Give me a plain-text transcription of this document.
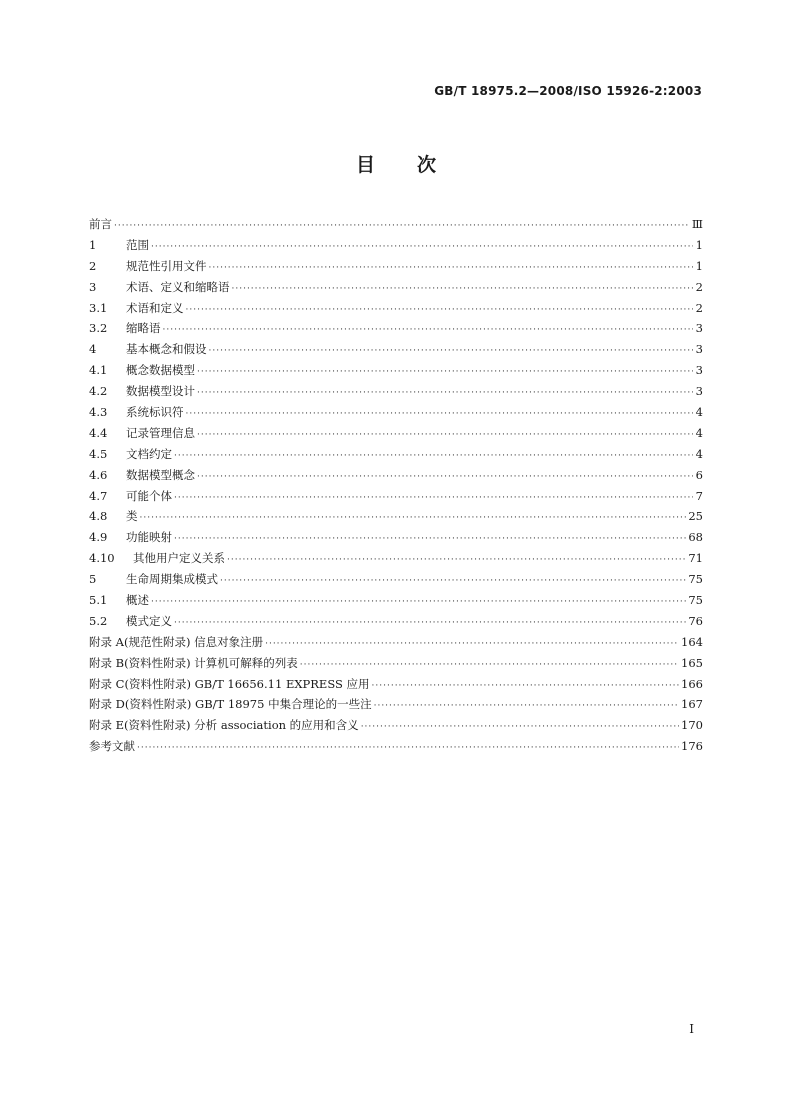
GB/T 18975.2—2008/ISO 15926-2:2003
目次
前言 ·····	Ⅲ
1	范围 ·····	1
2	规范性引用文件 ·····	1
3	术语、定义和缩略语 ·····	2
3.1	术语和定义 ·····	2
3.2	缩略语 ·····	3
4	基本概念和假设 ·····	3
4.1	概念数据模型 ·····	3
4.2	数据模型设计 ·····	3
4.3	系统标识符 ·····	4
4.4	记录管理信息 ·····	4
4.5	文档约定 ·····	4
4.6	数据模型概念 ·····	6
4.7	可能个体 ·····	7
4.8	类 ·····	25
4.9	功能映射 ·····	68
4.10	其他用户定义关系 ·····	71
5	生命周期集成模式 ·····	75
5.1	概述 ·····	75
5.2	模式定义 ·····	76
附录 A(规范性附录) 信息对象注册 ·····	164
附录 B(资料性附录) 计算机可解释的列表 ·····	165
附录 C(资料性附录) GB/T 16656.11 EXPRESS 应用 ·····	166
附录 D(资料性附录) GB/T 18975 中集合理论的一些注 ·····	167
附录 E(资料性附录) 分析 association 的应用和含义 ·····	170
参考文献 ·····	176
I
